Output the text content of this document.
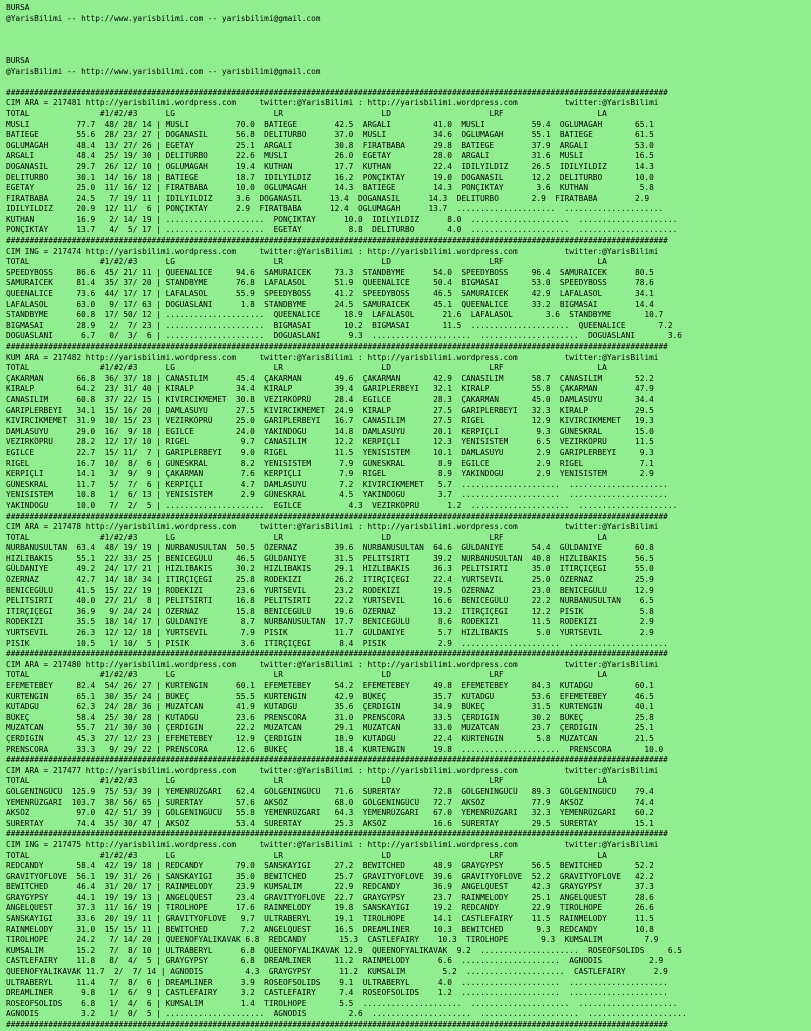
BURSA
@YarisBilimi -- http://www.yarisbilimi.com -- yarisbilimi@gmail.com
BURSA
@YarisBilimi -- http://www.yarisbilimi.com -- yarisbilimi@gmail.com
#############################################################################################################################################
CIM ARA = 217481 http://yarisbilimi.wordpress.com     twitter:@YarisBilimi : http://yarisbilimi.wordpress.com          twitter:@YarisBilimi
TOTAL               #1/#2/#3      LG                     LR                     LD                     LRF                    LA
MUSLI          77.7  48/ 28/ 14 | MUSLI          70.0  BATIEGE        42.5  ARGALI         41.0  MUSLI          59.4  OGLUMAGAH       65.1
BATIEGE        55.6  28/ 23/ 27 | DOGANASIL      56.8  DELITURBO      37.0  MUSLI          34.6  OGLUMAGAH      55.1  BATIEGE         61.5
OGLUMAGAH      48.4  13/ 27/ 26 | EGETAY         25.1  ARGALI         30.8  FIRATBABA      29.8  BATIEGE        37.9  ARGALI          53.0
ARGALI         48.4  25/ 19/ 30 | DELITURBO      22.6  MUSLI          26.0  EGETAY         28.0  ARGALI         31.6  MUSLI           16.5
DOGANASIL      29.7  26/ 12/ 10 | OGLUMAGAH      19.4  KUTHAN         17.7  KUTHAN         22.4  IDILYILDIZ     26.5  IDILYILDIZ      14.3
DELITURBO      30.1  14/ 16/ 18 | BATIEGE        18.7  IDILYILDIZ     16.2  PONÇIKTAY      19.0  DOGANASIL      12.2  DELITURBO       10.0
EGETAY         25.0  11/ 16/ 12 | FIRATBABA      10.0  OGLUMAGAH      14.3  BATIEGE        14.3  PONÇIKTAY       3.6  KUTHAN           5.8
FIRATBABA      24.5   7/ 19/ 11 | IDILYILDIZ     3.6  DOGANASIL      13.4  DOGANASIL      14.3  DELITURBO       2.9  FIRATBABA        2.9
IDILYILDIZ     20.9  12/ 11/  6 | PONÇIKTAY      2.9  FIRATBABA      12.4  OGLUMAGAH      13.7  .....................  .....................
KUTHAN         16.9   2/ 14/ 19 | .....................  PONÇIKTAY      10.0  IDILYILDIZ      8.0  .....................  .....................
PONÇIKTAY      13.7   4/  5/ 17 | .....................  EGETAY          8.8  DELITURBO       4.0  .....................  .....................
#############################################################################################################################################
CIM ING = 217474 http://yarisbilimi.wordpress.com     twitter:@YarisBilimi : http://yarisbilimi.wordpress.com          twitter:@YarisBilimi
TOTAL               #1/#2/#3      LG                     LR                     LD                     LRF                    LA
SPEEDYBOSS     86.6  45/ 21/ 11 | QUEENALICE     94.6  SAMURAICEK     73.3  STANDBYME      54.0  SPEEDYBOSS     96.4  SAMURAICEK      80.5
SAMURAICEK     81.4  35/ 37/ 20 | STANDBYME      76.8  LAFALASOL      51.9  QUEENALICE     50.4  BIGMASAI       53.0  SPEEDYBOSS      78.6
QUEENALICE     73.6  44/ 17/ 17 | LAFALASOL      55.9  SPEEDYBOSS     41.2  SPEEDYBOSS     46.5  SAMURAICEK     42.9  LAFALASOL       34.1
LAFALASOL      63.0   9/ 17/ 63 | DOGUASLANI      1.8  STANDBYME      24.5  SAMURAICEK     45.1  QUEENALICE     33.2  BIGMASAI        14.4
STANDBYME      60.8  17/ 50/ 12 | .....................  QUEENALICE     18.9  LAFALASOL      21.6  LAFALASOL       3.6  STANDBYME       10.7
BIGMASAI       28.9   2/  7/ 23 | .....................  BIGMASAI       10.2  BIGMASAI       11.5  .....................  QUEENALICE       7.2
DOGUASLANI      6.7   0/  3/  6 | .....................  DOGUASLANI      9.3  .....................  .....................  DOGUASLANI       3.6
#############################################################################################################################################
KUM ARA = 217482 http://yarisbilimi.wordpress.com     twitter:@YarisBilimi : http://yarisbilimi.wordpress.com          twitter:@YarisBilimi
TOTAL               #1/#2/#3      LG                     LR                     LD                     LRF                    LA
ÇAKARMAN       66.8  36/ 37/ 18 | CANASILIM      45.4  ÇAKARMAN       49.6  ÇAKARMAN       42.9  CANASILIM      58.7  CANASILIM       52.2
KIRALP         64.2  23/ 31/ 40 | KIRALP         34.4  KIRALP         39.4  GARIPLERBEYI   32.1  KIRALP         55.8  ÇAKARMAN        47.9
CANASILIM      60.8  37/ 22/ 15 | KIVIRCIKMEMET  30.8  VEZIRKÖPRÜ     28.4  EGILCE         28.3  ÇAKARMAN       45.0  DAMLASUYU       34.4
GARIPLERBEYI   34.1  15/ 16/ 20 | DAMLASUYU      27.5  KIVIRCIKMEMET  24.9  KIRALP         27.5  GARIPLERBEYI   32.3  KIRALP          29.5
KIVIRCIKMEMET  31.9  10/ 15/ 23 | VEZIRKÖPRÜ     25.0  GARIPLERBEYI   16.7  CANASILIM      27.5  RIGEL          12.9  KIVIRCIKMEMET   19.3
DAMLASUYU      29.0  16/  9/ 18 | EGILCE         24.0  YAKINDOGU      14.8  DAMLASUYU      20.1  KERPIÇLI        9.3  GÜNESKRAL       15.0
VEZIRKÖPRÜ     28.2  12/ 17/ 10 | RIGEL           9.7  CANASILIM      12.2  KERPIÇLI       12.3  YENISISTEM      6.5  VEZIRKÖPRÜ      11.5
EGILCE         22.7  15/ 11/  7 | GARIPLERBEYI    9.0  RIGEL          11.5  YENISISTEM     10.1  DAMLASUYU       2.9  GARIPLERBEYI     9.3
RIGEL          16.7  10/  8/  6 | GÜNESKRAL       8.2  YENISISTEM      7.9  GÜNESKRAL       8.9  EGILCE          2.9  RIGEL            7.1
KERPIÇLI       14.1   3/  9/  9 | ÇAKARMAN        7.6  KERPIÇLI        7.9  RIGEL           8.9  YAKINDOGU       2.9  YENISISTEM       2.9
GÜNESKRAL      11.7   5/  7/  6 | KERPIÇLI        4.7  DAMLASUYU       7.2  KIVIRCIKMEMET   5.7  .....................  .....................
YENISISTEM     10.8   1/  6/ 13 | YENISISTEM      2.9  GÜNESKRAL       4.5  YAKINDOGU       3.7  .....................  .....................
YAKINDOGU      10.0   7/  2/  5 | .....................  EGILCE          4.3  VEZIRKÖPRÜ      1.2  .....................  .....................
#############################################################################################################################################
CIM ARA = 217478 http://yarisbilimi.wordpress.com     twitter:@YarisBilimi : http://yarisbilimi.wordpress.com          twitter:@YarisBilimi
TOTAL               #1/#2/#3      LG                     LR                     LD                     LRF                    LA
NURBANUSULTAN  63.4  48/ 19/ 19 | NURBANUSULTAN  50.5  ÖZERNAZ        39.6  NURBANUSULTAN  64.6  GÜLDANIYE      54.4  GÜLDANIYE       60.8
HIZLIBAKIS     55.1  22/ 33/ 25 | BENICEGÜLÜ     46.5  GÜLDANIYE      31.5  PELITSIRTI     39.2  NURBANUSULTAN  40.8  HIZLIBAKIS      56.5
GÜLDANIYE      49.2  24/ 17/ 21 | HIZLIBAKIS     30.2  HIZLIBAKIS     29.1  HIZLIBAKIS     36.3  PELITSIRTI     35.0  ITIRÇIÇEGI      55.0
ÖZERNAZ        42.7  14/ 18/ 34 | ITIRÇIÇEGI     25.8  RODEKIZI       26.2  ITIRÇIÇEGI     22.4  YURTSEVIL      25.0  ÖZERNAZ         25.9
BENICEGÜLÜ     41.5  15/ 22/ 19 | RODEKIZI       23.6  YURTSEVIL      23.2  RODEKIZI       19.5  ÖZERNAZ        23.0  BENICEGÜLÜ      12.9
PELITSIRTI     40.0  27/ 21/  8 | PELITSIRTI     16.8  PELITSIRTI     22.2  YURTSEVIL      16.6  BENICEGÜLÜ     22.2  NURBANUSULTAN    6.5
ITIRÇIÇEGI     36.9   9/ 24/ 24 | ÖZERNAZ        15.8  BENICEGÜLÜ     19.6  ÖZERNAZ        13.2  ITIRÇIÇEGI     12.2  PISIK            5.8
RODEKIZI       35.5  18/ 14/ 17 | GÜLDANIYE       8.7  NURBANUSULTAN  17.7  BENICEGÜLÜ      8.6  RODEKIZI       11.5  RODEKIZI         2.9
YURTSEVIL      26.3  12/ 12/ 18 | YURTSEVIL       7.9  PISIK          11.7  GÜLDANIYE       5.7  HIZLIBAKIS      5.0  YURTSEVIL        2.9
PISIK          10.5   1/ 10/  5 | PISIK           3.6  ITIRÇIÇEGI      8.4  PISIK           2.9  .....................  .....................
#############################################################################################################################################
CIM ARA = 217480 http://yarisbilimi.wordpress.com     twitter:@YarisBilimi : http://yarisbilimi.wordpress.com          twitter:@YarisBilimi
TOTAL               #1/#2/#3      LG                     LR                     LD                     LRF                    LA
EFEMETEBEY     82.4  54/ 26/ 27 | KURTENGIN      60.1  EFEMETEBEY     54.2  EFEMETEBEY     49.8  EFEMETEBEY     84.3  KUTADGU         60.1
KURTENGIN      65.1  30/ 35/ 24 | BÜKEÇ          55.5  KURTENGIN      42.9  BÜKEÇ          35.7  KUTADGU        53.6  EFEMETEBEY      46.5
KUTADGU        62.3  24/ 28/ 36 | MUZATCAN       41.9  KUTADGU        35.6  ÇERDIGIN       34.9  BÜKEÇ          31.5  KURTENGIN       40.1
BÜKEÇ          58.4  25/ 30/ 28 | KUTADGU        23.6  PRENSCORA      31.0  PRENSCORA      33.5  ÇERDIGIN       30.2  BÜKEÇ           25.8
MUZATCAN       55.7  21/ 30/ 30 | ÇERDIGIN       22.2  MUZATCAN       29.1  MUZATCAN       33.0  MUZATCAN       23.7  ÇERDIGIN        25.1
ÇERDIGIN       45.3  27/ 12/ 23 | EFEMETEBEY     12.9  ÇERDIGIN       18.9  KUTADGU        22.4  KURTENGIN       5.8  MUZATCAN        21.5
PRENSCORA      33.3   9/ 29/ 22 | PRENSCORA      12.6  BÜKEÇ          18.4  KURTENGIN      19.8  .....................  PRENSCORA       10.0
#############################################################################################################################################
CIM ARA = 217477 http://yarisbilimi.wordpress.com     twitter:@YarisBilimi : http://yarisbilimi.wordpress.com          twitter:@YarisBilimi
TOTAL               #1/#2/#3      LG                     LR                     LD                     LRF                    LA
GÖLGENINGÜCÜ  125.9  75/ 53/ 39 | YEMENRÜZGARI   62.4  GÖLGENINGÜCÜ   71.6  SURERTAY       72.8  GÖLGENINGÜCÜ   89.3  GÖLGENINGÜCÜ    79.4
YEMENRÜZGARI  103.7  38/ 56/ 65 | SURERTAY       57.6  AKSÖZ          68.0  GÖLGENINGÜCÜ   72.7  AKSÖZ          77.9  AKSÖZ           74.4
AKSÖZ          97.0  42/ 51/ 39 | GÖLGENINGÜCÜ   55.8  YEMENRÜZGARI   64.3  YEMENRÜZGARI   67.0  YEMENRÜZGARI   32.3  YEMENRÜZGARI    60.2
SURERTAY       74.4  35/ 30/ 47 | AKSÖZ          53.4  SURERTAY       25.3  AKSÖZ          16.6  SURERTAY       29.5  SURERTAY        15.1
#############################################################################################################################################
CIM ING = 217475 http://yarisbilimi.wordpress.com     twitter:@YarisBilimi : http://yarisbilimi.wordpress.com          twitter:@YarisBilimi
TOTAL               #1/#2/#3      LG                     LR                     LD                     LRF                    LA
REDCANDY       58.4  42/ 19/ 18 | REDCANDY       79.0  SANSKAYIGI     27.2  BEWITCHED      48.9  GRAYGYPSY      56.5  BEWITCHED       52.2
GRAVITYOFLOVE  56.1  19/ 31/ 26 | SANSKAYIGI     35.0  BEWITCHED      25.7  GRAVITYOFLOVE  39.6  GRAVITYOFLOVE  52.2  GRAVITYOFLOVE   42.2
BEWITCHED      46.4  31/ 20/ 17 | RAINMELODY     23.9  KUMSALIM       22.9  REDCANDY       36.9  ANGELQUEST     42.3  GRAYGYPSY       37.3
GRAYGYPSY      44.1  19/ 19/ 13 | ANGELQUEST     23.4  GRAVITYOFLOVE  22.7  GRAYGYPSY      23.7  RAINMELODY     25.1  ANGELQUEST      28.6
ANGELQUEST     37.3  11/ 16/ 19 | TIROLHOPE      17.6  RAINMELODY     19.8  SANSKAYIGI     19.2  REDCANDY       22.9  TIROLHOPE       26.6
SANSKAYIGI     33.6  20/ 19/ 11 | GRAVITYOFLOVE   9.7  ULTRABERYL     19.1  TIROLHOPE      14.1  CASTLEFAIRY    11.5  RAINMELODY      11.5
RAINMELODY     31.0  15/ 15/ 11 | BEWITCHED       7.2  ANGELQUEST     16.5  DREAMLINER     10.3  BEWITCHED       9.3  REDCANDY        10.8
TIROLHOPE      24.2   7/ 14/ 20 | QUEENOFYALIKAVAK 6.8  REDCANDY       15.3  CASTLEFAIRY    10.3  TIROLHOPE       9.3  KUMSALIM         7.9
KUMSALIM       15.2   7/  8/ 10 | ULTRABERYL      6.8  QUEENOFYALIKAVAK 12.9  QUEENOFYALIKAVAK  9.2  .....................  ROSEOFSOLIDS     6.5
CASTLEFAIRY    11.8   8/  4/  5 | GRAYGYPSY       6.8  DREAMLINER     11.2  RAINMELODY      6.6  .....................  AGNODIS          2.9
QUEENOFYALIKAVAK 11.7  2/  7/ 14 | AGNODIS         4.3  GRAYGYPSY      11.2  KUMSALIM        5.2  .....................  CASTLEFAIRY      2.9
ULTRABERYL     11.4   7/  8/  6 | DREAMLINER      3.9  ROSEOFSOLIDS    9.1  ULTRABERYL      4.0  .....................  .....................
DREAMLINER      9.8   1/  6/  9 | CASTLEFAIRY     3.2  CASTLEFAIRY     7.4  ROSEOFSOLIDS    1.2  .....................  .....................
ROSEOFSOLIDS    6.8   1/  4/  6 | KUMSALIM        1.4  TIROLHOPE       5.5  .....................  .....................  .....................
AGNODIS         3.2   1/  0/  5 | .....................  AGNODIS         2.6  .....................  .....................  .....................
#############################################################################################################################################
